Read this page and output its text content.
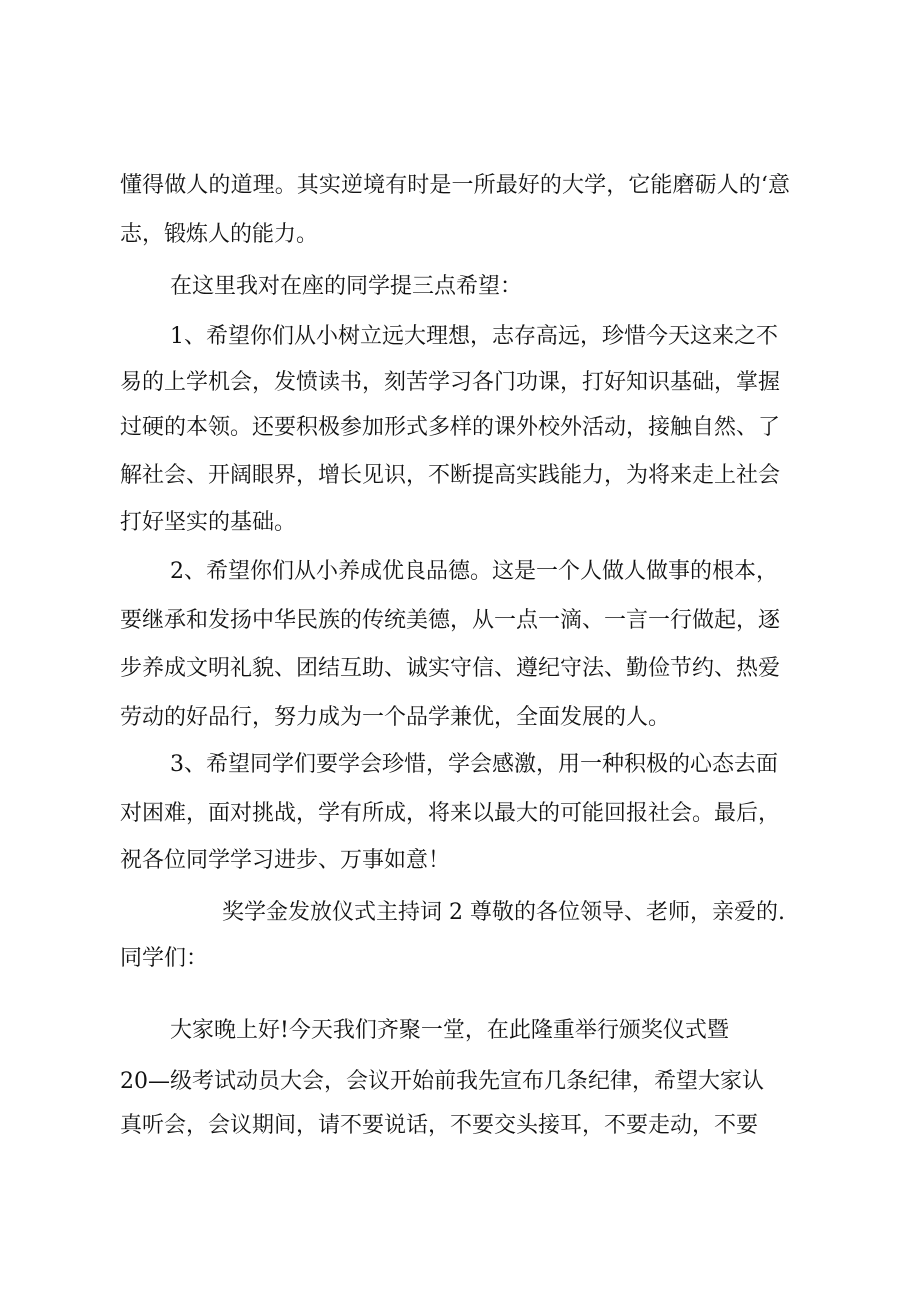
懂得做人的道理。其实逆境有时是一所最好的大学，它能磨砺人的‘意
志，锻炼人的能力。
在这里我对在座的同学提三点希望：
1、希望你们从小树立远大理想，志存高远，珍惜今天这来之不
易的上学机会，发愤读书，刻苦学习各门功课，打好知识基础，掌握
过硬的本领。还要积极参加形式多样的课外校外活动，接触自然、了
解社会、开阔眼界，增长见识，不断提高实践能力，为将来走上社会
打好坚实的基础。
2、希望你们从小养成优良品德。这是一个人做人做事的根本，
要继承和发扬中华民族的传统美德，从一点一滴、一言一行做起，逐
步养成文明礼貌、团结互助、诚实守信、遵纪守法、勤俭节约、热爱
劳动的好品行，努力成为一个品学兼优，全面发展的人。
3、希望同学们要学会珍惜，学会感激，用一种积极的心态去面
对困难，面对挑战，学有所成，将来以最大的可能回报社会。最后，
祝各位同学学习进步、万事如意！
奖学金发放仪式主持词 2 尊敬的各位领导、老师，亲爱的.
同学们：
大家晚上好!今天我们齐聚一堂，在此隆重举行颁奖仪式暨
20—级考试动员大会，会议开始前我先宣布几条纪律，希望大家认
真听会，会议期间，请不要说话，不要交头接耳，不要走动，不要
